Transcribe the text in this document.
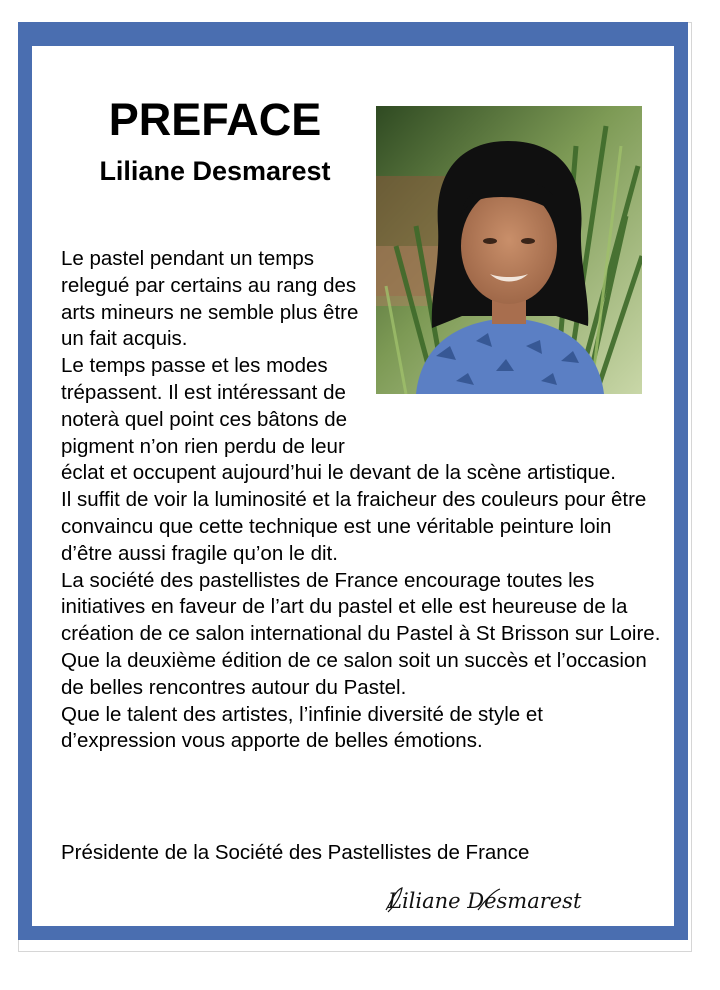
PREFACE
Liliane Desmarest

Le pastel pendant un temps relegué par certains au rang des arts mineurs ne semble plus être un fait acquis.

Le temps passe et les modes trépassent. Il est intéressant de noterà quel point ces bâtons de pigment n’on rien perdu de leur éclat et occupent aujourd’hui le devant de la scène artistique.

Il suffit de voir la luminosité et la fraicheur des couleurs pour être convaincu que cette technique est une véritable peinture loin d’être aussi fragile qu’on le dit.

La société des pastellistes de France encourage toutes les initiatives en faveur de l’art du pastel et elle est heureuse de la création de ce salon international du Pastel à St Brisson sur Loire.

Que la deuxième édition de ce salon soit un succès et l’occasion de belles rencontres autour du Pastel.

Que le talent des artistes, l’infinie diversité de style et d’expression vous apporte de belles émotions.

Présidente de la Société des Pastellistes de France

Liliane Desmarest
